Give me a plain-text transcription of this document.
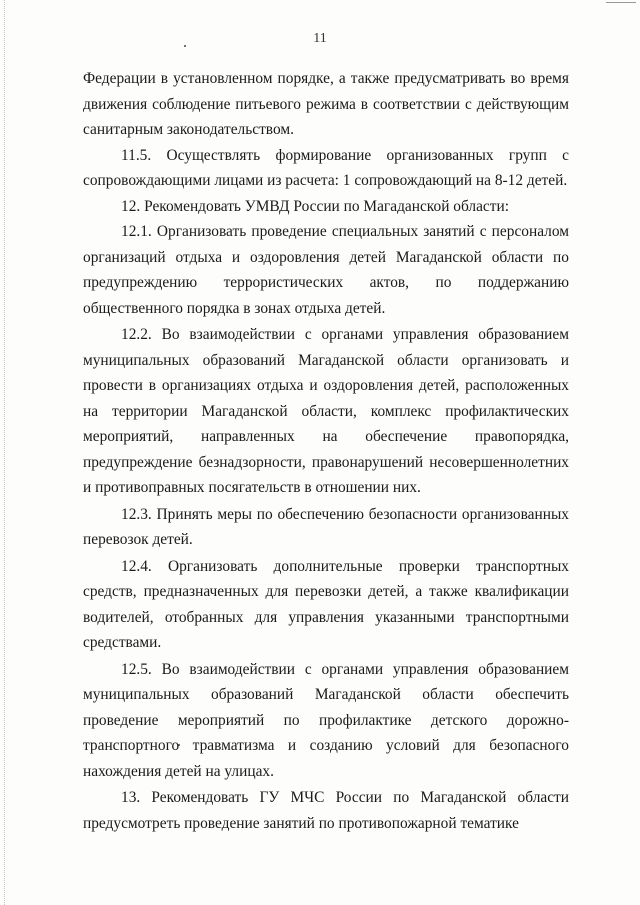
11

Федерации в установленном порядке, а также предусматривать во время движения соблюдение питьевого режима в соответствии с действующим санитарным законодательством.

11.5. Осуществлять формирование организованных групп с сопровождающими лицами из расчета: 1 сопровождающий на 8-12 детей.

12. Рекомендовать УМВД России по Магаданской области:

12.1. Организовать проведение специальных занятий с персоналом организаций отдыха и оздоровления детей Магаданской области по предупреждению террористических актов, по поддержанию общественного порядка в зонах отдыха детей.

12.2. Во взаимодействии с органами управления образованием муниципальных образований Магаданской области организовать и провести в организациях отдыха и оздоровления детей, расположенных на территории Магаданской области, комплекс профилактических мероприятий, направленных на обеспечение правопорядка, предупреждение безнадзорности, правонарушений несовершеннолетних и противоправных посягательств в отношении них.

12.3. Принять меры по обеспечению безопасности организованных перевозок детей.

12.4. Организовать дополнительные проверки транспортных средств, предназначенных для перевозки детей, а также квалификации водителей, отобранных для управления указанными транспортными средствами.

12.5. Во взаимодействии с органами управления образованием муниципальных образований Магаданской области обеспечить проведение мероприятий по профилактике детского дорожно-транспортного травматизма и созданию условий для безопасного нахождения детей на улицах.

13. Рекомендовать ГУ МЧС России по Магаданской области предусмотреть проведение занятий по противопожарной тематике
